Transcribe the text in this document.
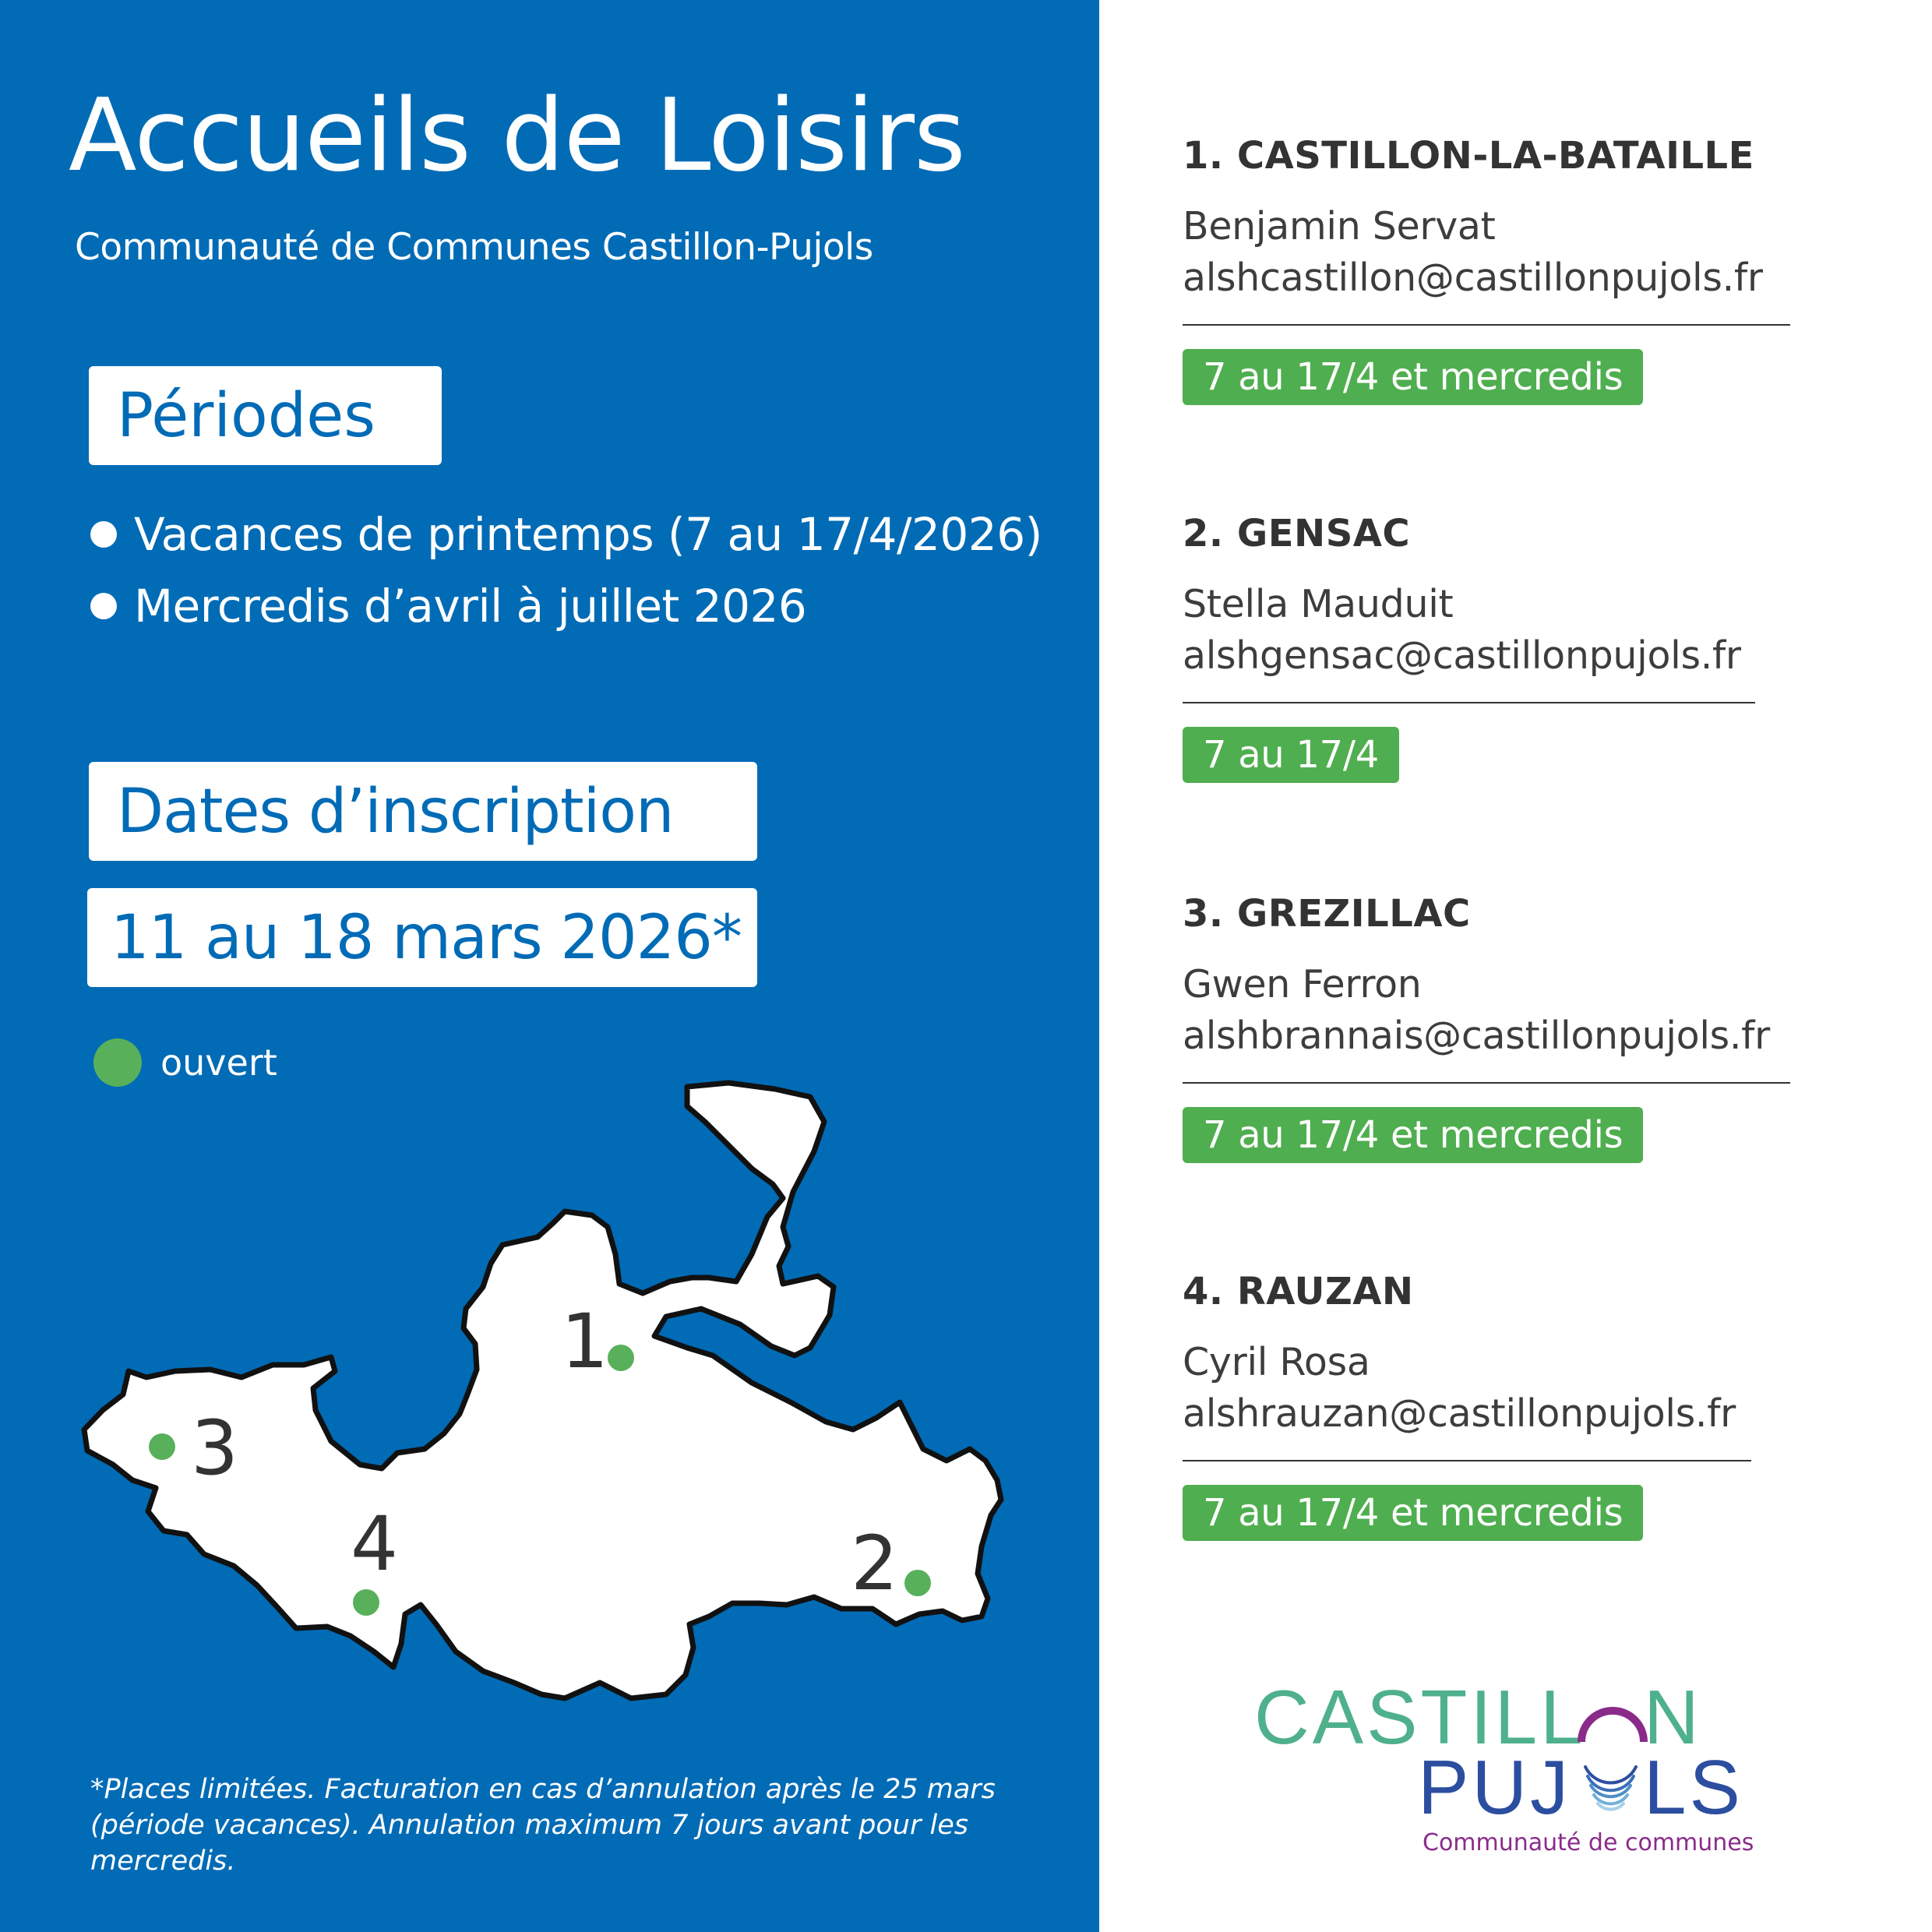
Accueils de Loisirs

Communauté de Communes Castillon-Pujols

Périodes
Vacances de printemps (7 au 17/4/2026)
Mercredis d’avril à juillet 2026
Dates d’inscription
11 au 18 mars 2026*
ouvert
1
2
3
4

*Places limitées. Facturation en cas d’annulation après le 25 mars (période vacances). Annulation maximum 7 jours avant pour les mercredis.

1. CASTILLON-LA-BATAILLE
Benjamin Servat
alshcastillon@castillonpujols.fr
7 au 17/4 et mercredis
2. GENSAC
Stella Mauduit
alshgensac@castillonpujols.fr
7 au 17/4
3. GREZILLAC
Gwen Ferron
alshbrannais@castillonpujols.fr
7 au 17/4 et mercredis
4. RAUZAN
Cyril Rosa
alshrauzan@castillonpujols.fr
7 au 17/4 et mercredis
CASTILL N
PUJ LS
Communauté de communes
